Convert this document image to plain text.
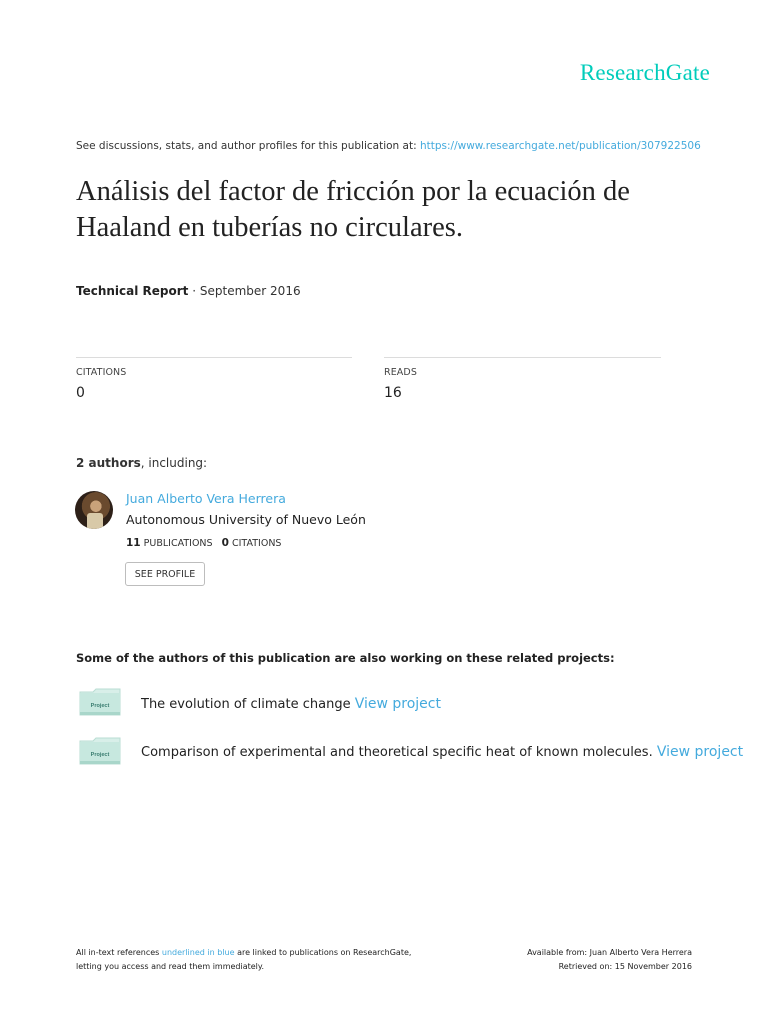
ResearchGate
See discussions, stats, and author profiles for this publication at: https://www.researchgate.net/publication/307922506
Análisis del factor de fricción por la ecuación de
Haaland en tuberías no circulares.
Technical Report · September 2016
CITATIONS
0
READS
16
2 authors, including:
Juan Alberto Vera Herrera
Autonomous University of Nuevo León
11 PUBLICATIONS 0 CITATIONS
SEE PROFILE
Some of the authors of this publication are also working on these related projects:
Project The evolution of climate change View project
Project Comparison of experimental and theoretical specific heat of known molecules. View project
All in-text references underlined in blue are linked to publications on ResearchGate,
letting you access and read them immediately.
Available from: Juan Alberto Vera Herrera
Retrieved on: 15 November 2016
